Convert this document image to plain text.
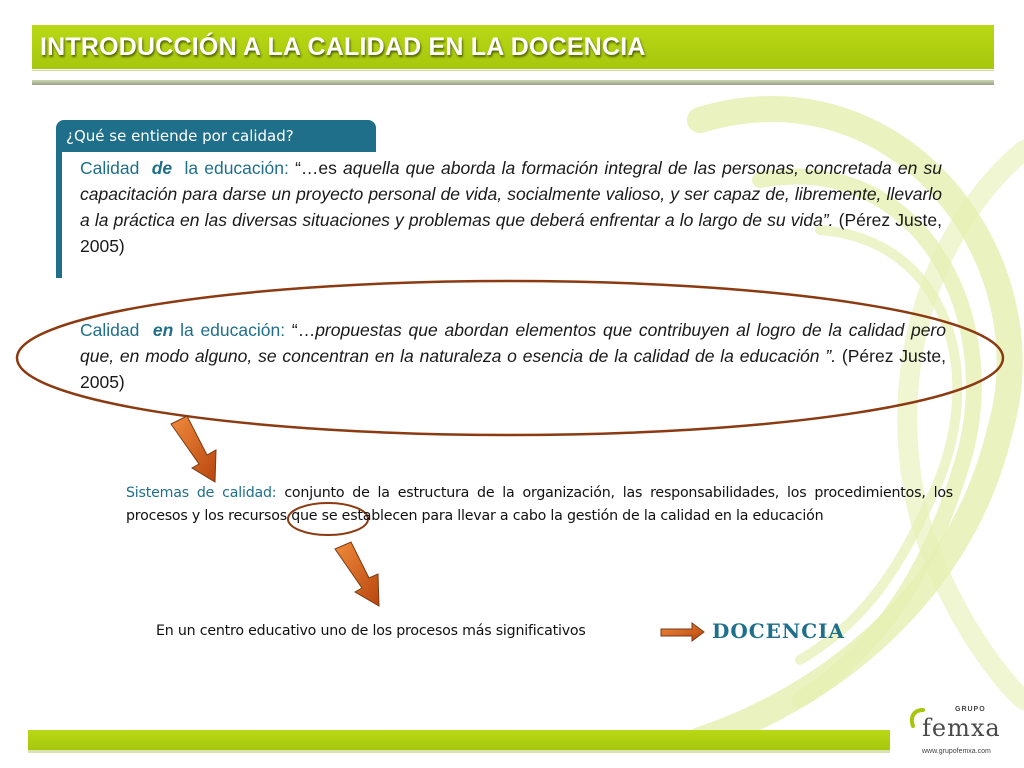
INTRODUCCIÓN A LA CALIDAD EN LA DOCENCIA
¿Qué se entiende por calidad?
Calidad de la educación: “…es aquella que aborda la formación integral de las personas, concretada en su capacitación para darse un proyecto personal de vida, socialmente valioso, y ser capaz de, libremente, llevarlo a la práctica en las diversas situaciones y problemas que deberá enfrentar a lo largo de su vida”. (Pérez Juste, 2005)
Calidad en la educación: “…propuestas que abordan elementos que contribuyen al logro de la calidad pero que, en modo alguno, se concentran en la naturaleza o esencia de la calidad de la educación ”. (Pérez Juste, 2005)
Sistemas de calidad: conjunto de la estructura de la organización, las responsabilidades, los procedimientos, los procesos y los recursos que se establecen para llevar a cabo la gestión de la calidad en la educación
En un centro educativo uno de los procesos más significativos	DOCENCIA
GRUPO
femxa
www.grupofemxa.com
